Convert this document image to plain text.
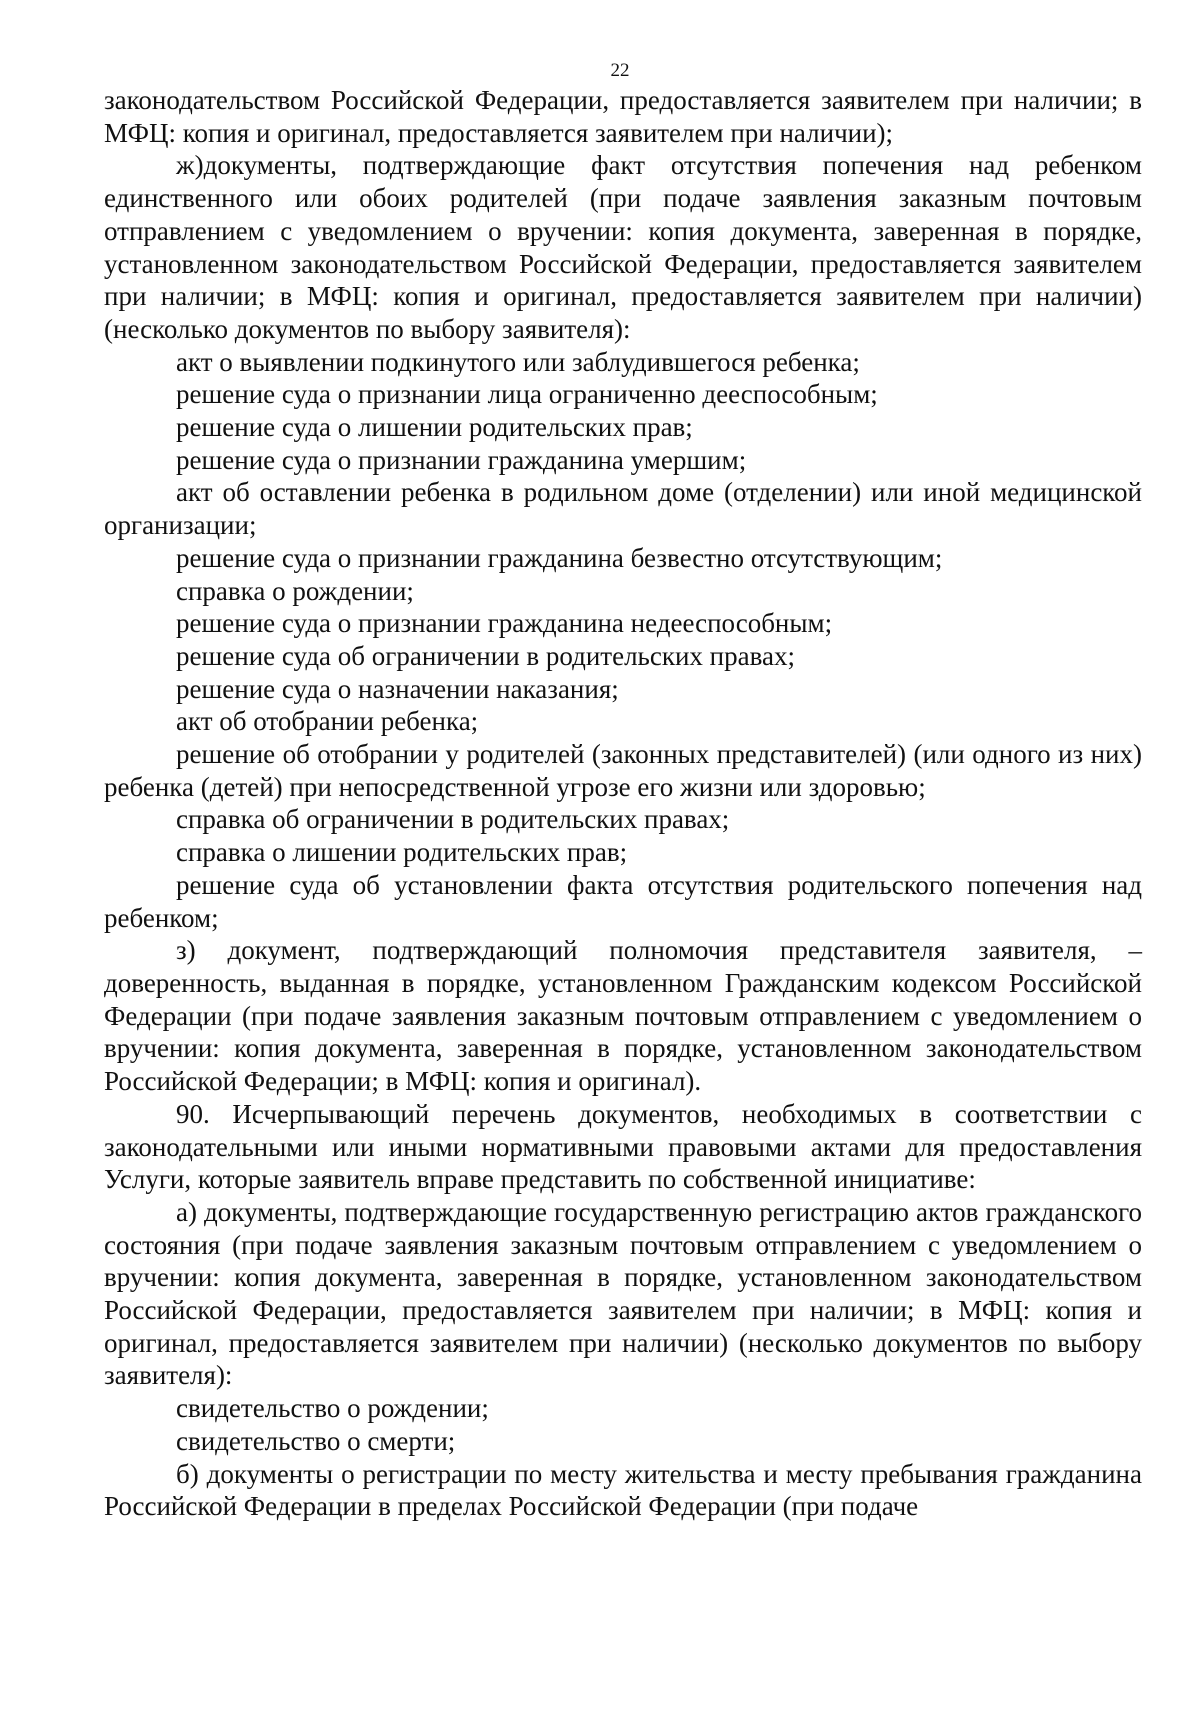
22

законодательством Российской Федерации, предоставляется заявителем при наличии; в МФЦ: копия и оригинал, предоставляется заявителем при наличии);

ж)документы, подтверждающие факт отсутствия попечения над ребенком единственного или обоих родителей (при подаче заявления заказным почтовым отправлением с уведомлением о вручении: копия документа, заверенная в порядке, установленном законодательством Российской Федерации, предоставляется заявителем при наличии; в МФЦ: копия и оригинал, предоставляется заявителем при наличии) (несколько документов по выбору заявителя):

акт о выявлении подкинутого или заблудившегося ребенка;

решение суда о признании лица ограниченно дееспособным;

решение суда о лишении родительских прав;

решение суда о признании гражданина умершим;

акт об оставлении ребенка в родильном доме (отделении) или иной медицинской организации;

решение суда о признании гражданина безвестно отсутствующим;

справка о рождении;

решение суда о признании гражданина недееспособным;

решение суда об ограничении в родительских правах;

решение суда о назначении наказания;

акт об отобрании ребенка;

решение об отобрании у родителей (законных представителей) (или одного из них) ребенка (детей) при непосредственной угрозе его жизни или здоровью;

справка об ограничении в родительских правах;

справка о лишении родительских прав;

решение суда об установлении факта отсутствия родительского попечения над ребенком;

з) документ, подтверждающий полномочия представителя заявителя, – доверенность, выданная в порядке, установленном Гражданским кодексом Российской Федерации (при подаче заявления заказным почтовым отправлением с уведомлением о вручении: копия документа, заверенная в порядке, установленном законодательством Российской Федерации; в МФЦ: копия и оригинал).

90. Исчерпывающий перечень документов, необходимых в соответствии с законодательными или иными нормативными правовыми актами для предоставления Услуги, которые заявитель вправе представить по собственной инициативе:

а) документы, подтверждающие государственную регистрацию актов гражданского состояния (при подаче заявления заказным почтовым отправлением с уведомлением о вручении: копия документа, заверенная в порядке, установленном законодательством Российской Федерации, предоставляется заявителем при наличии; в МФЦ: копия и оригинал, предоставляется заявителем при наличии) (несколько документов по выбору заявителя):

свидетельство о рождении;

свидетельство о смерти;

б) документы о регистрации по месту жительства и месту пребывания гражданина Российской Федерации в пределах Российской Федерации (при подаче
